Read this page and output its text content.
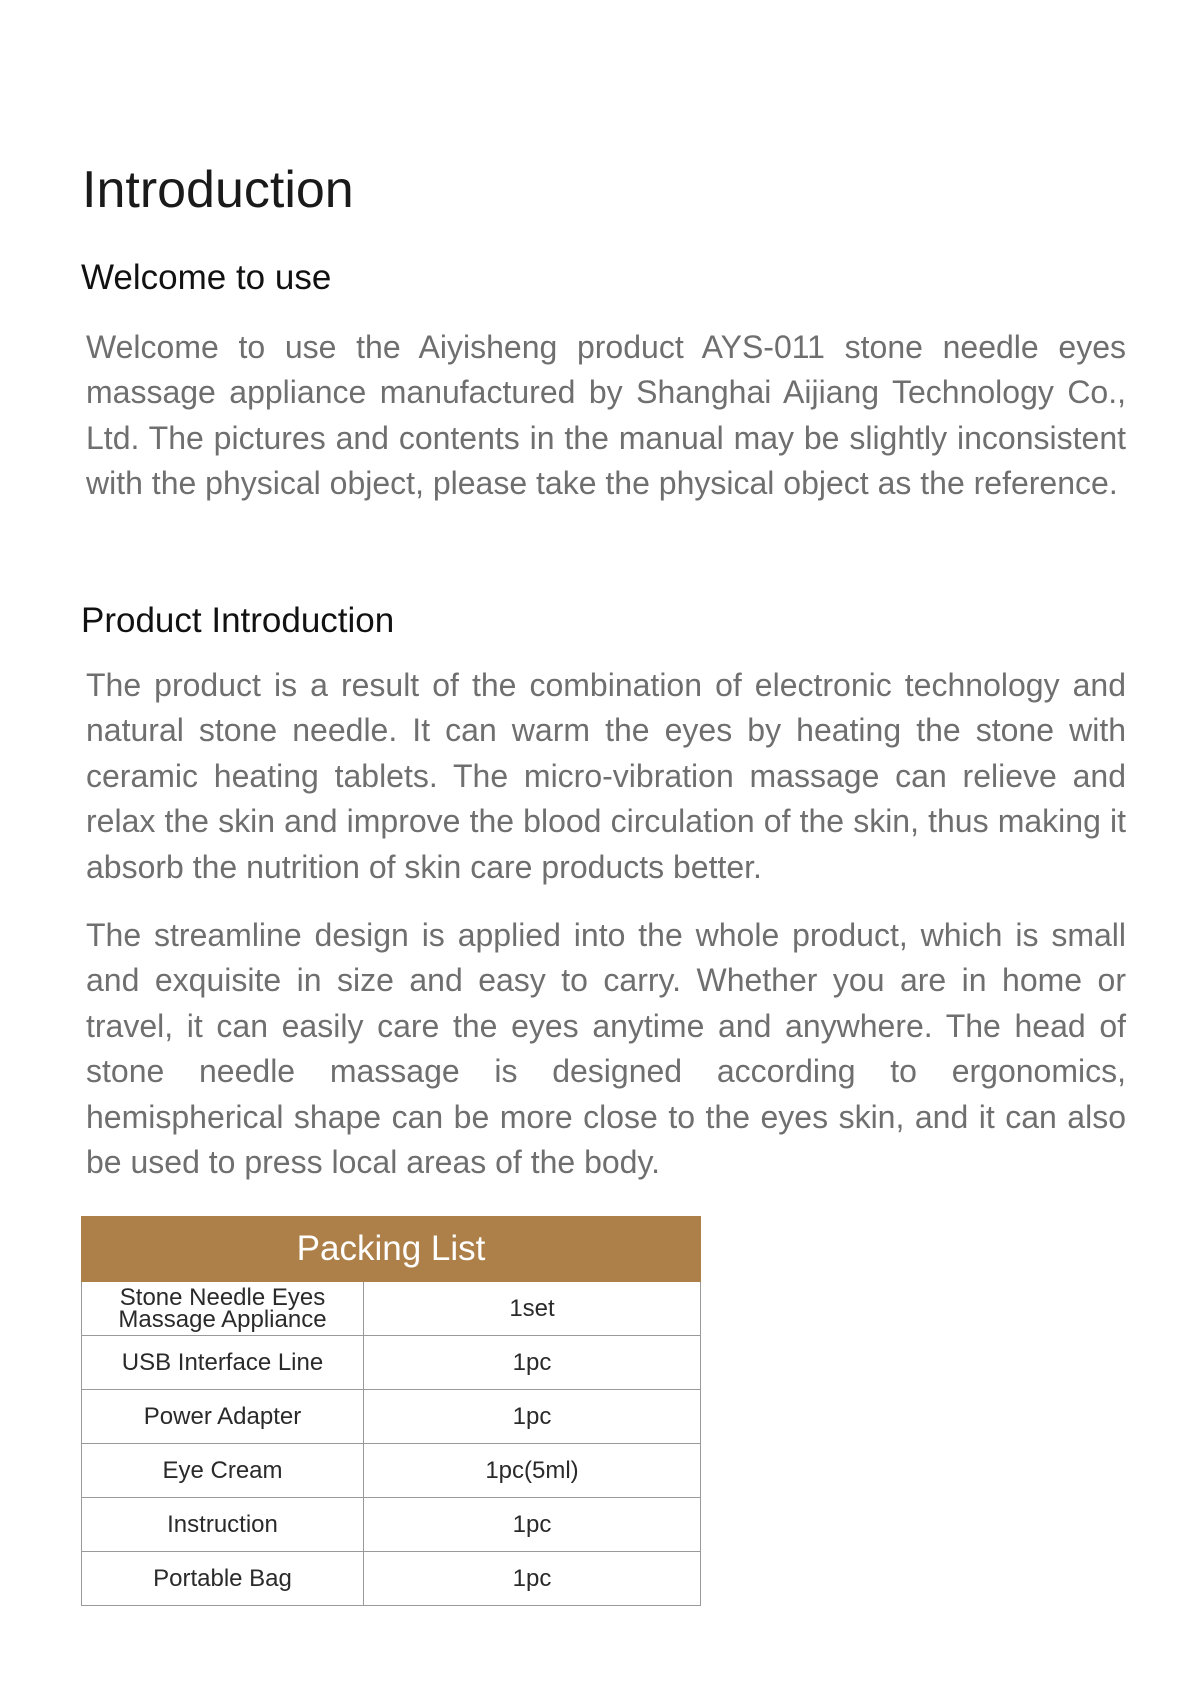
Introduction
Welcome to use

Welcome to use the Aiyisheng product AYS-011 stone needle eyes massage appliance manufactured by Shanghai Aijiang Technology Co., Ltd. The pictures and contents in the manual may be slightly inconsistent with the physical object, please take the physical object as the reference.

Product Introduction

The product is a result of the combination of electronic technology and natural stone needle. It can warm the eyes by heating the stone with ceramic heating tablets. The micro-vibration massage can relieve and relax the skin and improve the blood circulation of the skin, thus making it absorb the nutrition of skin care products better.

The streamline design is applied into the whole product, which is small and exquisite in size and easy to carry. Whether you are in home or travel, it can easily care the eyes anytime and anywhere. The head of stone needle massage is designed according to ergonomics, hemispherical shape can be more close to the eyes skin, and it can also be used to press local areas of the body.

Packing List	
Stone Needle Eyes Massage Appliance	1set
USB Interface Line	1pc
Power Adapter	1pc
Eye Cream	1pc(5ml)
Instruction	1pc
Portable Bag	1pc
